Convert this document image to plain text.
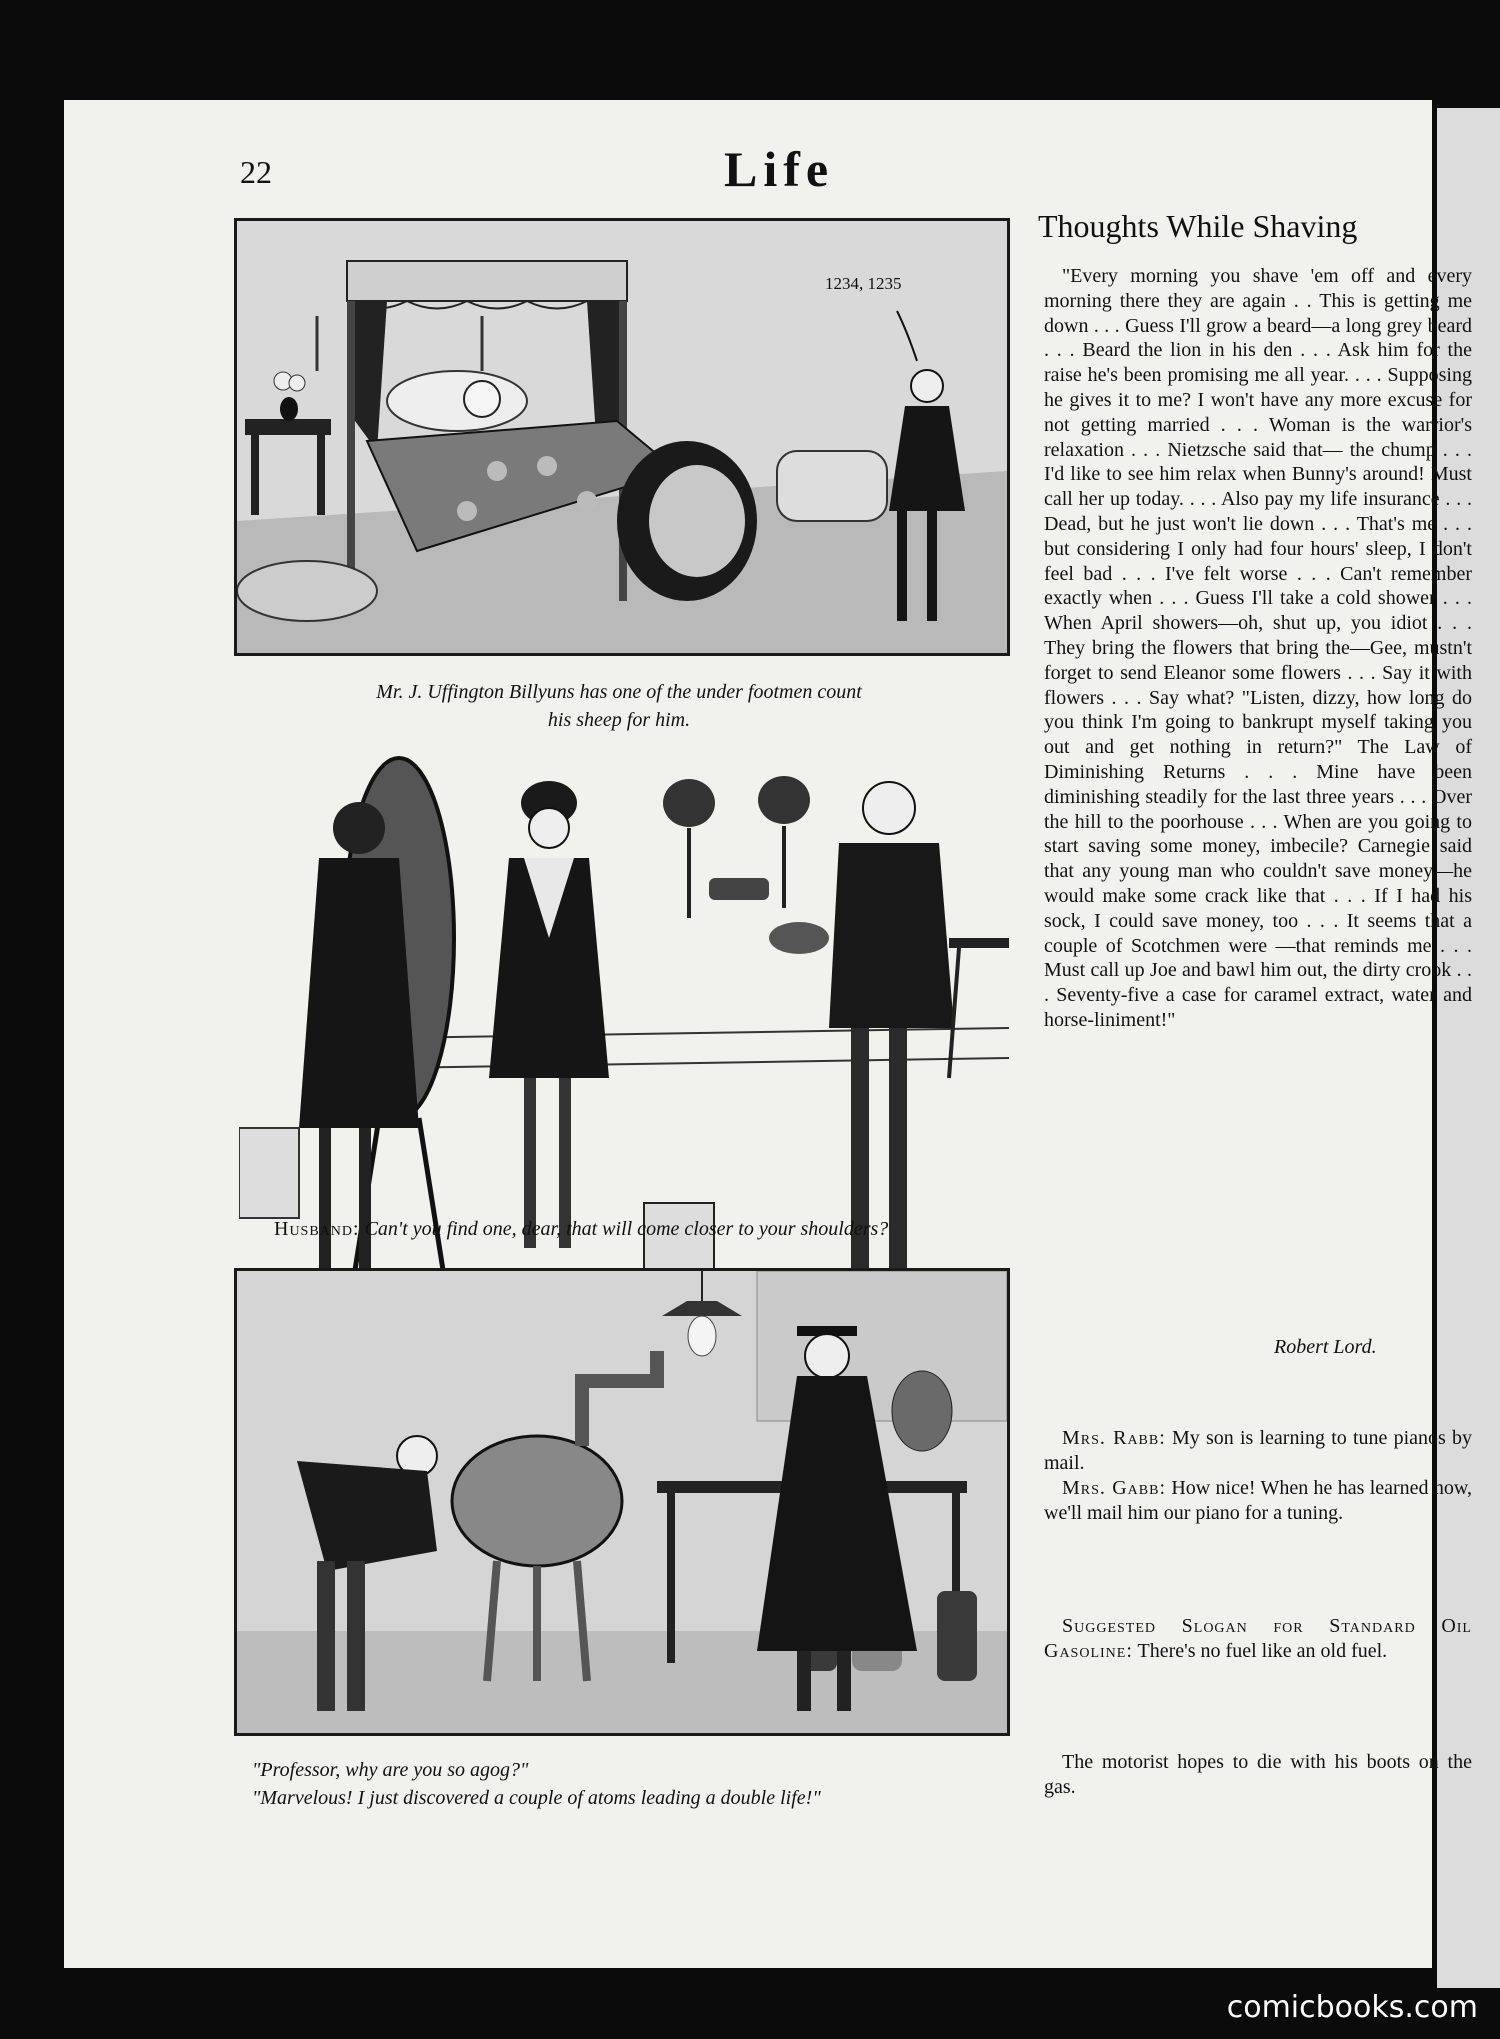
22	Life
1234, 1235
Mr. J. Uffington Billyuns has one of the under footmen count
his sheep for him.
Husband: Can't you find one, dear, that will come closer to your shoulders?
"Professor, why are you so agog?"
"Marvelous! I just discovered a couple of atoms leading a double life!"
Thoughts While Shaving
"Every morning you shave 'em off and every morning there they are again . . This is getting me down . . . Guess I'll grow a beard—a long grey beard . . . Beard the lion in his den . . . Ask him for the raise he's been promising me all year. . . . Supposing he gives it to me? I won't have any more excuse for not getting married . . . Woman is the warrior's relaxation . . . Nietzsche said that— the chump . . . I'd like to see him relax when Bunny's around! Must call her up today. . . . Also pay my life insurance . . . Dead, but he just won't lie down . . . That's me . . . but considering I only had four hours' sleep, I don't feel bad . . . I've felt worse . . . Can't remember exactly when . . . Guess I'll take a cold shower . . . When April showers—oh, shut up, you idiot . . . They bring the flowers that bring the—Gee, mustn't forget to send Eleanor some flowers . . . Say it with flowers . . . Say what? "Listen, dizzy, how long do you think I'm going to bankrupt myself taking you out and get nothing in return?" The Law of Diminishing Returns . . . Mine have been diminishing steadily for the last three years . . . Over the hill to the poorhouse . . . When are you going to start saving some money, imbecile? Carnegie said that any young man who couldn't save money—he would make some crack like that . . . If I had his sock, I could save money, too . . . It seems that a couple of Scotchmen were —that reminds me . . . Must call up Joe and bawl him out, the dirty crook . . . Seventy-five a case for caramel extract, water and horse-liniment!"
Robert Lord.

Mrs. Rabb: My son is learning to tune pianos by mail.

Mrs. Gabb: How nice! When he has learned how, we'll mail him our piano for a tuning.

Suggested Slogan for Standard Oil Gasoline: There's no fuel like an old fuel.

The motorist hopes to die with his boots on the gas.

comicbooks.com
